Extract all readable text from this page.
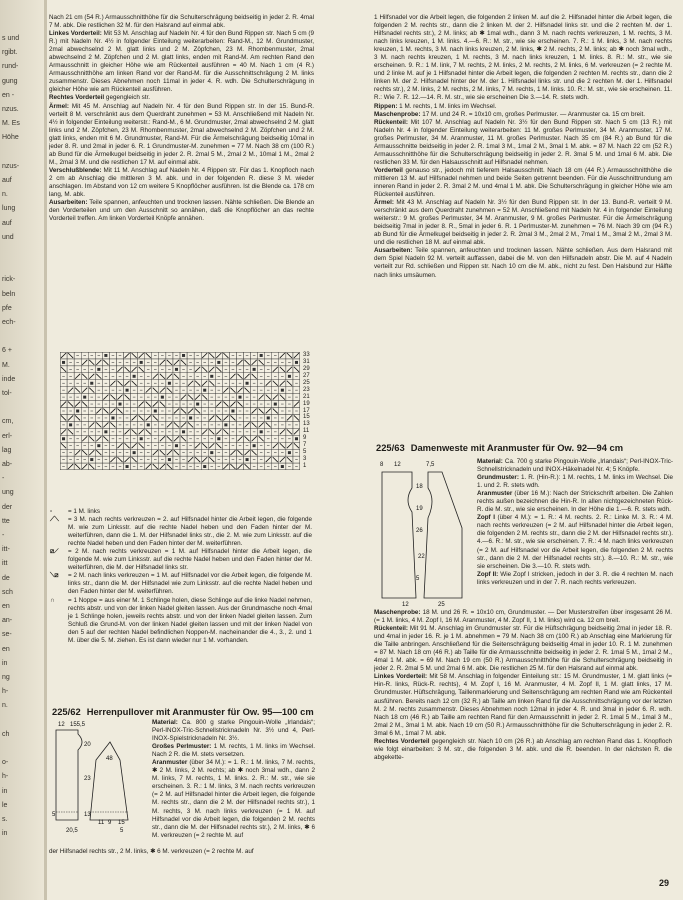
s und
rgibt.
rund-
gung
en -
nzus.
M. Es
Höhe
nzus-
auf
n.
lung
auf
und
rick-
beln
pfe
ech-
6 +
M.
inde
tol-
cm,
erl-
lag
ab-
-
ung
der
tte
-
itt-
itt
de
sch
en
an-
se-
en
in
ng
h-
n.
ch
o-
h-
in
le
s.
in

Nach 21 cm (54 R.) Armausschnitthöhe für die Schulterschrägung beidseitig in jeder 2. R. 4mal 7 M. abk. Die restlichen 32 M. für den Halsrand auf einmal abk.

Linkes Vorderteil: Mit 53 M. Anschlag auf Nadeln Nr. 4 für den Bund Rippen str. Nach 5 cm (9 R.) mit Nadeln Nr. 4½ in folgender Einteilung weiterarbeiten: Rand-M., 12 M. Grundmuster, 2mal abwechselnd 2 M. glatt links und 2 M. Zöpfchen, 23 M. Rhombenmuster, 2mal abwechselnd 2 M. Zöpfchen und 2 M. glatt links, enden mit Rand-M. Am rechten Rand den Armausschnitt in gleicher Höhe wie am Rückenteil ausführen = 40 M. Nach 1 cm (4 R.) Armausschnitthöhe am linken Rand vor der Rand-M. für die Ausschnittschrägung 2 M. links zusammenstr. Dieses Abnehmen noch 11mal in jeder 4. R. wdh. Die Schulterschrägung in gleicher Höhe wie am Rückenteil ausführen.

Rechtes Vorderteil gegengleich str.

Ärmel: Mit 45 M. Anschlag auf Nadeln Nr. 4 für den Bund Rippen str. In der 15. Bund-R. verteilt 8 M. verschränkt aus dem Querdraht zunehmen = 53 M. Anschließend mit Nadeln Nr. 4½ in folgender Einteilung weiterstr.: Rand-M., 6 M. Grundmuster, 2mal abwechselnd 2 M. glatt links und 2 M. Zöpfchen, 23 M. Rhombenmuster, 2mal abwechselnd 2 M. Zöpfchen und 2 M. glatt links, enden mit 6 M. Grundmuster, Rand-M. Für die Ärmelschrägung beidseitig 10mal in jeder 8. R. und 2mal in jeder 6. R. 1 Grundmuster-M. zunehmen = 77 M. Nach 38 cm (100 R.) ab Bund für die Ärmelkugel beidseitig in jeder 2. R. 2mal 5 M., 2mal 2 M., 10mal 1 M., 2mal 2 M., 2mal 3 M. und die restlichen 17 M. auf einmal abk.

Verschlußblende: Mit 11 M. Anschlag auf Nadeln Nr. 4 Rippen str. Für das 1. Knopfloch nach 2 cm ab Anschlag die mittleren 3 M. abk. und in der folgenden R. diese 3 M. wieder anschlagen. Im Abstand von 12 cm weitere 5 Knopflöcher ausführen. Ist die Blende ca. 178 cm lang, M. abk.

Ausarbeiten: Teile spannen, anfeuchten und trocknen lassen. Nähte schließen. Die Blende an den Vorderteilen und um den Ausschnitt so annähen, daß die Knopflöcher an das rechte Vorderteil treffen. Am linken Vorderteil Knöpfe annähen.

33
31
29
27
25
23
21
19
17
15
13
11
9
7
5
3
1
▫	= 1 M. links
⟋⟍	= 3 M. nach rechts verkreuzen = 2. auf Hilfsnadel hinter die Arbeit legen, die folgende M. wie zum Linksstr. auf die rechte Nadel heben und den Faden hinter der M. weiterführen, dann die 1. M. der Hilfsnadel links str., die 2. M. wie zum Linksstr. auf die rechte Nadel heben und den Faden hinter der M. weiterführen.
⧄⟋	= 2 M. nach rechts verkreuzen = 1 M. auf Hilfsnadel hinter die Arbeit legen, die folgende M. wie zum Linksstr. auf die rechte Nadel heben und den Faden hinter der M. weiterführen, die M. der Hilfsnadel links str.
⟍⧄	= 2 M. nach links verkreuzen = 1 M. auf Hilfsnadel vor die Arbeit legen, die folgende M. links str., dann die M. der Hilfsnadel wie zum Linksstr. auf die rechte Nadel heben und den Faden hinter der M. weiterführen.
∩	= 1 Noppe = aus einer M. 1 Schlinge holen, diese Schlinge auf die linke Nadel nehmen, rechts abstr. und von der linken Nadel gleiten lassen. Aus der Grundmasche noch 4mal je 1 Schlinge holen, jeweils rechts abstr. und von der linken Nadel gleiten lassen. Zum Schluß die Grund-M. von der linken Nadel gleiten lassen und mit der linken Nadel von den 5 auf der rechten Nadel befindlichen Noppen-M. nacheinander die 4., 3., 2. und 1 M. über die 5. M. ziehen. Es ist dann wieder nur 1 M. vorhanden.
225/62 Herrenpullover mit Aranmuster für Ow. 95—100 cm
12 155,5
20
23
13
5
11 9 15
20,5
48
5

Material: Ca. 800 g starke Pingouin-Wolle „Irlandais“; Perl-INOX-Tric-Schnellstricknadeln Nr. 3½ und 4, Perl-INOX-Spielstricknadeln Nr. 3½.

Großes Perlmuster: 1 M. rechts, 1 M. links im Wechsel. Nach 2 R. die M. stets versetzen.

Aranmuster (über 34 M.): = 1. R.: 1 M. links, 7 M. rechts, ✱ 2 M. links, 2 M. rechts; ab ✱ noch 3mal wdh., dann 2 M. links, 7 M. rechts, 1 M. links. 2. R.: M. str., wie sie erscheinen. 3. R.: 1 M. links, 3 M. nach rechts verkreuzen (= 2 M. auf Hilfsnadel hinter die Arbeit legen, die folgende M. rechts str., dann die 2 M. der Hilfsnadel rechts str.), 1 M. rechts, 3 M. nach links verkreuzen (= 1 M. auf Hilfsnadel vor die Arbeit legen, die folgenden 2 M. rechts str., dann die M. der Hilfsnadel rechts str.), 2 M. links, ✱ 6 M. verkreuzen (= 2 rechte M. auf

der Hilfsnadel rechts str., 2 M. links, ✱ 6 M. verkreuzen (= 2 rechte M. auf

1 Hilfsnadel vor die Arbeit legen, die folgenden 2 linken M. auf die 2. Hilfsnadel hinter die Arbeit legen, die folgenden 2 M. rechts str., dann die 2 linken M. der 2. Hilfsnadel links str. und die 2 rechten M. der 1. Hilfsnadel rechts str.), 2 M. links; ab ✱ 1mal wdh., dann 3 M. nach rechts verkreuzen, 1 M. rechts, 3 M. nach links kreuzen, 1 M. links. 4.—6. R.: M. str., wie sie erscheinen. 7. R.: 1 M. links, 3 M. nach rechts kreuzen, 1 M. rechts, 3 M. nach links kreuzen, 2 M. links, ✱ 2 M. rechts, 2 M. links; ab ✱ noch 3mal wdh., 3 M. nach rechts kreuzen, 1 M. rechts, 3 M. nach links kreuzen, 1 M. links. 8. R.: M. str., wie sie erscheinen. 9. R.: 1 M. link, 7 M. rechts, 2 M. links, 2 M. rechts, 2 M. links, 6 M. verkreuzen (= 2 rechte M. und 2 linke M. auf je 1 Hilfsnadel hinter die Arbeit legen, die folgenden 2 rechten M. rechts str., dann die 2 linken M. der 2. Hilfsnadel hinter der M. der 1. Hilfsnadel links str. und die 2 rechten M. der 1. Hilfsnadel rechts str.), 2 M. links, 2 M. rechts, 2 M. links, 7 M. rechts, 1 M. links. 10. R.: M. str., wie sie erscheinen. 11. R.: Wie 7. R. 12.—14. R. M. str., wie sie erscheinen Die 3.—14. R. stets wdh.

Rippen: 1 M. rechts, 1 M. links im Wechsel.

Maschenprobe: 17 M. und 24 R. = 10x10 cm, großes Perlmuster. — Aranmuster ca. 15 cm breit.

Rückenteil: Mit 107 M. Anschlag auf Nadeln Nr. 3½ für den Bund Rippen str. Nach 5 cm (13 R.) mit Nadeln Nr. 4 in folgender Einteilung weiterarbeiten: 11 M. großes Perlmuster, 34 M. Aranmuster, 17 M. großes Perlmuster, 34 M. Aranmuster, 11 M. großes Perlmuster. Nach 35 cm (84 R.) ab Bund für die Armausschnitte beidseitig in jeder 2. R. 1mal 3 M., 1mal 2 M., 3mal 1 M. abk. = 87 M. Nach 22 cm (52 R.) Armausschnitthöhe für die Schulterschrägung beidseitig in jeder 2. R. 3mal 5 M. und 1mal 6 M. abk. Die restlichen 33 M. für den Halsausschnitt auf Hilfsnadel nehmen.

Vorderteil genauso str., jedoch mit tieferem Halsausschnitt. Nach 18 cm (44 R.) Armausschnitthöhe die mittleren 13 M. auf Hilfsnadel nehmen und beide Seiten getrennt beenden. Für die Ausschnittrundung am inneren Rand in jeder 2. R. 3mal 2 M. und 4mal 1 M. abk. Die Schulterschrägung in gleicher Höhe wie am Rückenteil ausführen.

Ärmel: Mit 43 M. Anschlag auf Nadeln Nr. 3½ für den Bund Rippen str. In der 13. Bund-R. verteilt 9 M. verschränkt aus dem Querdraht zunehmen = 52 M. Anschließend mit Nadeln Nr. 4 in folgender Einteilung weiterstr.: 9 M. großes Perlmuster, 34 M. Aranmuster, 9 M. großes Perlmuster. Für die Ärmelschrägung beidseitig 7mal in jeder 8. R., 5mal in jeder 6. R. 1 Perlmuster-M. zunehmen = 76 M. Nach 39 cm (94 R.) ab Bund für die Ärmelkugel beidseitig in jeder 2. R. 2mal 3 M., 2mal 2 M., 7mal 1 M., 3mal 2 M., 2mal 3 M. und die restlichen 18 M. auf einmal abk.

Ausarbeiten: Teile spannen, anfeuchten und trocknen lassen. Nähte schließen. Aus dem Halsrand mit dem Spiel Nadeln 92 M. verteilt auffassen, dabei die M. von den Hilfsnadeln abstr. Die M. auf 4 Nadeln verteilt zur Rd. schließen und Rippen str. Nach 10 cm die M. abk., nicht zu fest. Den Halsbund zur Hälfte nach links umsäumen.

225/63 Damenweste mit Aranmuster für Ow. 92—94 cm
8 12	7,5
18
19
26
22
5
12	25

Material: Ca. 700 g starke Pingouin-Wolle „Irlandais“; Perl-INOX-Tric-Schnellstricknadeln und INOX-Häkelnadel Nr. 4; 5 Knöpfe.

Grundmuster: 1. R. (Hin-R.): 1 M. rechts, 1 M. links im Wechsel. Die 1. und 2. R. stets wdh.

Aranmuster (über 16 M.): Nach der Strickschrift arbeiten. Die Zahlen rechts außen bezeichnen die Hin-R. In allen nichtgezeichneten Rück-R. die M. str., wie sie erscheinen. In der Höhe die 1.—6. R. stets wdh.

Zopf I (über 4 M.): = 1. R.: 4 M. rechts. 2. R.: Linke M. 3. R.: 4 M. nach rechts verkreuzen (= 2 M. auf Hilfsnadel hinter die Arbeit legen, die folgenden 2 M. rechts str., dann die 2 M. der Hilfsnadel rechts str.). 4.—6. R.: M. str., wie sie erscheinen. 7. R.: 4 M. nach links verkreuzen (= 2 M. auf Hilfsnadel vor die Arbeit legen, die folgenden 2 M. rechts str., dann die 2 M. der Hilfsnadel rechts str.). 8.—10. R.: M. str., wie sie erscheinen. Die 3.—10. R. stets wdh.

Zopf II: Wie Zopf I stricken, jedoch in der 3. R. die 4 rechten M. nach links verkreuzen und in der 7. R. nach rechts verkreuzen.

Maschenprobe: 18 M. und 26 R. = 10x10 cm, Grundmuster. — Der Musterstreifen über insgesamt 26 M. (= 1 M. links, 4 M. Zopf I, 16 M. Aranmuster, 4 M. Zopf II, 1 M. links) wird ca. 12 cm breit.

Rückenteil: Mit 91 M. Anschlag im Grundmuster str. Für die Hüftschrägung beidseitig 2mal in jeder 18. R. und 4mal in jeder 16. R. je 1 M. abnehmen = 79 M. Nach 38 cm (100 R.) ab Anschlag eine Markierung für die Taille anbringen. Anschließend für die Seitenschrägung beidseitig 4mal in jeder 10. R. 1 M. zunehmen = 87 M. Nach 18 cm (46 R.) ab Taille für die Armausschnitte beidseitig in jeder 2. R. 1mal 5 M., 1mal 2 M., 4mal 1 M. abk. = 69 M. Nach 19 cm (50 R.) Armausschnitthöhe für die Schulterschrägung beidseitig in jeder 2. R. 2mal 5 M. und 2mal 6 M. abk. Die restlichen 25 M. für den Halsrand auf einmal abk.

Linkes Vorderteil: Mit 58 M. Anschlag in folgender Einteilung str.: 15 M. Grundmuster, 1 M. glatt links (= Hin-R. links, Rück-R. rechts), 4 M. Zopf I, 16 M. Aranmuster, 4 M. Zopf II, 1 M. glatt links, 17 M. Grundmuster. Hüftschrägung, Taillenmarkierung und Seitenschrägung am rechten Rand wie am Rückenteil ausführen. Bereits nach 12 cm (32 R.) ab Taille am linken Rand für die Ausschnittschrägung vor der letzten M. 2 M. rechts zusammenstr. Dieses Abnehmen noch 12mal in jeder 4. R. und 3mal in jeder 6. R. wdh. Nach 18 cm (46 R.) ab Taille am rechten Rand für den Armausschnitt in jeder 2. R. 1mal 5 M., 1mal 3 M., 2mal 2 M., 3mal 1 M. abk. Nach 19 cm (50 R.) Armausschnitthöhe für die Schulterschrägung in jeder 2. R. 3mal 6 M., 1mal 7 M. abk.

Rechtes Vorderteil gegengleich str. Nach 10 cm (26 R.) ab Anschlag am rechten Rand das 1. Knopfloch wie folgt einarbeiten: 3 M. str., die folgenden 3 M. abk. und die R. beenden. In der nächsten R. die abgekette-

29
